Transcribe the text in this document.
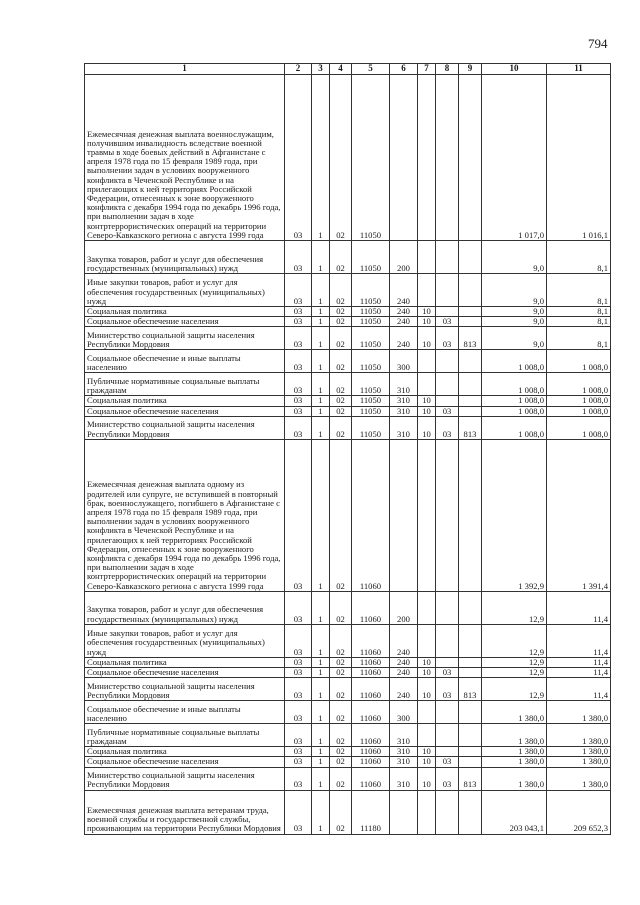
794
1	2	3	4	5	6	7	8	9	10	11
Ежемесячная денежная выплата военнослужащим, получившим инвалидность вследствие военной травмы в ходе боевых действий в Афганистане с апреля 1978 года по 15 февраля 1989 года, при выполнении задач в условиях вооруженного конфликта в Чеченской Республике и на прилегающих к ней территориях Российской Федерации, отнесенных к зоне вооруженного конфликта с декабря 1994 года по декабрь 1996 года, при выполнении задач в ходе контртеррористических операций на территории Северо-Кавказского региона с августа 1999 года	03	1	02	11050					1 017,0	1 016,1
Закупка товаров, работ и услуг для обеспечения государственных (муниципальных) нужд	03	1	02	11050	200				9,0	8,1
Иные закупки товаров, работ и услуг для обеспечения государственных (муниципальных) нужд	03	1	02	11050	240				9,0	8,1
Социальная политика	03	1	02	11050	240	10			9,0	8,1
Социальное обеспечение населения	03	1	02	11050	240	10	03		9,0	8,1
Министерство социальной защиты населения Республики Мордовия	03	1	02	11050	240	10	03	813	9,0	8,1
Социальное обеспечение и иные выплаты населению	03	1	02	11050	300				1 008,0	1 008,0
Публичные нормативные социальные выплаты гражданам	03	1	02	11050	310				1 008,0	1 008,0
Социальная политика	03	1	02	11050	310	10			1 008,0	1 008,0
Социальное обеспечение населения	03	1	02	11050	310	10	03		1 008,0	1 008,0
Министерство социальной защиты населения Республики Мордовия	03	1	02	11050	310	10	03	813	1 008,0	1 008,0
Ежемесячная денежная выплата одному из родителей или супруге, не вступившей в повторный брак, военнослужащего, погибшего в Афганистане с апреля 1978 года по 15 февраля 1989 года, при выполнении задач в условиях вооруженного конфликта в Чеченской Республике и на прилегающих к ней территориях Российской Федерации, отнесенных к зоне вооруженного конфликта с декабря 1994 года по декабрь 1996 года, при выполнении задач в ходе контртеррористических операций на территории Северо-Кавказского региона с августа 1999 года	03	1	02	11060					1 392,9	1 391,4
Закупка товаров, работ и услуг для обеспечения государственных (муниципальных) нужд	03	1	02	11060	200				12,9	11,4
Иные закупки товаров, работ и услуг для обеспечения государственных (муниципальных) нужд	03	1	02	11060	240				12,9	11,4
Социальная политика	03	1	02	11060	240	10			12,9	11,4
Социальное обеспечение населения	03	1	02	11060	240	10	03		12,9	11,4
Министерство социальной защиты населения Республики Мордовия	03	1	02	11060	240	10	03	813	12,9	11,4
Социальное обеспечение и иные выплаты населению	03	1	02	11060	300				1 380,0	1 380,0
Публичные нормативные социальные выплаты гражданам	03	1	02	11060	310				1 380,0	1 380,0
Социальная политика	03	1	02	11060	310	10			1 380,0	1 380,0
Социальное обеспечение населения	03	1	02	11060	310	10	03		1 380,0	1 380,0
Министерство социальной защиты населения Республики Мордовия	03	1	02	11060	310	10	03	813	1 380,0	1 380,0
Ежемесячная денежная выплата ветеранам труда, военной службы и государственной службы, проживающим на территории Республики Мордовия	03	1	02	11180					203 043,1	209 652,3
